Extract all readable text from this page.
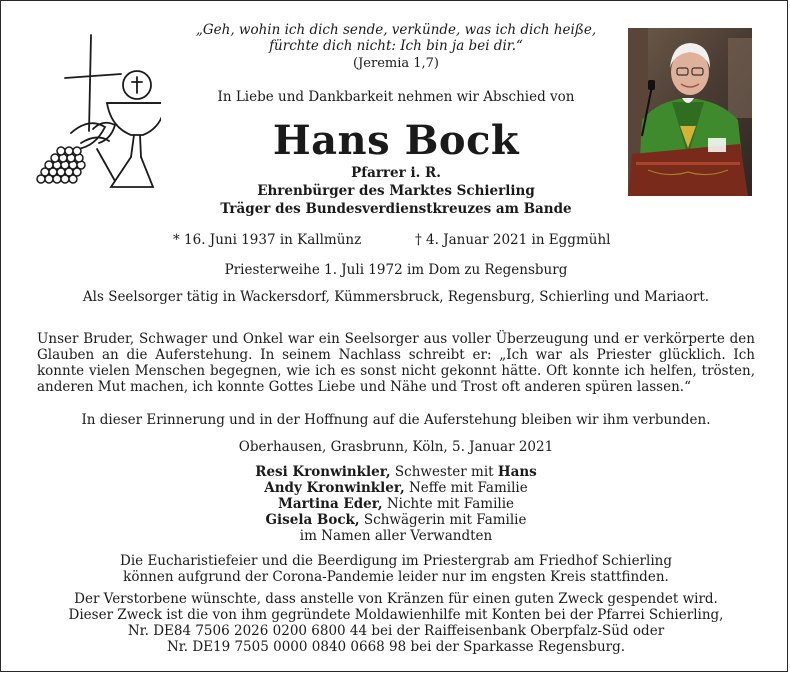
„Geh, wohin ich dich sende, verkünde, was ich dich heiße,
fürchte dich nicht: Ich bin ja bei dir.“
(Jeremia 1,7)
In Liebe und Dankbarkeit nehmen wir Abschied von
Hans Bock
Pfarrer i. R.
Ehrenbürger des Marktes Schierling
Träger des Bundesverdienstkreuzes am Bande
* 16. Juni 1937 in Kallmünz	† 4. Januar 2021 in Eggmühl
Priesterweihe 1. Juli 1972 im Dom zu Regensburg
Als Seelsorger tätig in Wackersdorf, Kümmersbruck, Regensburg, Schierling und Mariaort.
Unser Bruder, Schwager und Onkel war ein Seelsorger aus voller Überzeugung und er verkörperte den Glauben an die Auferstehung. In seinem Nachlass schreibt er: „Ich war als Priester glücklich. Ich konnte vielen Menschen begegnen, wie ich es sonst nicht gekonnt hätte. Oft konnte ich helfen, trösten, anderen Mut machen, ich konnte Gottes Liebe und Nähe und Trost oft anderen spüren lassen.“
In dieser Erinnerung und in der Hoffnung auf die Auferstehung bleiben wir ihm verbunden.
Oberhausen, Grasbrunn, Köln, 5. Januar 2021
Resi Kronwinkler, Schwester mit Hans
Andy Kronwinkler, Neffe mit Familie
Martina Eder, Nichte mit Familie
Gisela Bock, Schwägerin mit Familie
im Namen aller Verwandten
Die Eucharistiefeier und die Beerdigung im Priestergrab am Friedhof Schierling
können aufgrund der Corona-Pandemie leider nur im engsten Kreis stattfinden.
Der Verstorbene wünschte, dass anstelle von Kränzen für einen guten Zweck gespendet wird.
Dieser Zweck ist die von ihm gegründete Moldawienhilfe mit Konten bei der Pfarrei Schierling,
Nr. DE84 7506 2026 0200 6800 44 bei der Raiffeisenbank Oberpfalz-Süd oder
Nr. DE19 7505 0000 0840 0668 98 bei der Sparkasse Regensburg.
